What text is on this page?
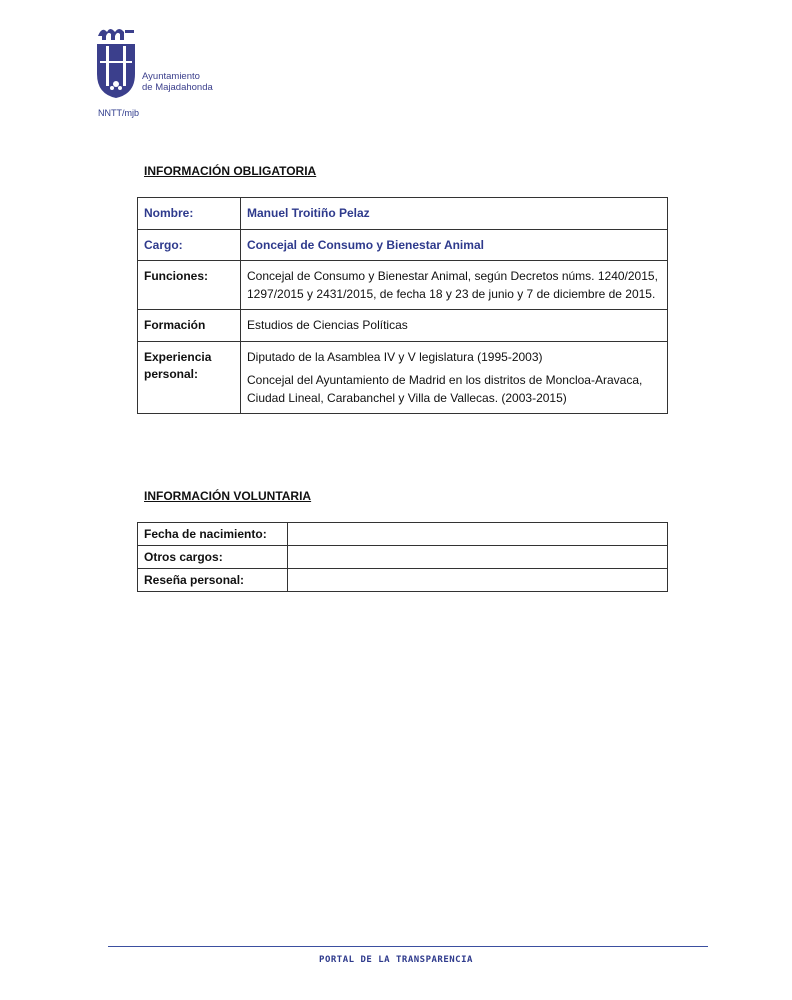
Ayuntamiento
de Majadahonda
NNTT/mjb
INFORMACIÓN OBLIGATORIA
Nombre:	Manuel Troitiño Pelaz
Cargo:	Concejal de Consumo y Bienestar Animal
Funciones:	Concejal de Consumo y Bienestar Animal, según Decretos núms. 1240/2015, 1297/2015 y 2431/2015, de fecha 18 y 23 de junio y 7 de diciembre de 2015.
Formación	Estudios de Ciencias Políticas
Experiencia personal:	Diputado de la Asamblea IV y V legislatura (1995-2003)

Concejal del Ayuntamiento de Madrid en los distritos de Moncloa-Aravaca, Ciudad Lineal, Carabanchel y Villa de Vallecas. (2003-2015)

INFORMACIÓN VOLUNTARIA
Fecha de nacimiento:	
Otros cargos:	
Reseña personal:	
PORTAL DE LA TRANSPARENCIA
